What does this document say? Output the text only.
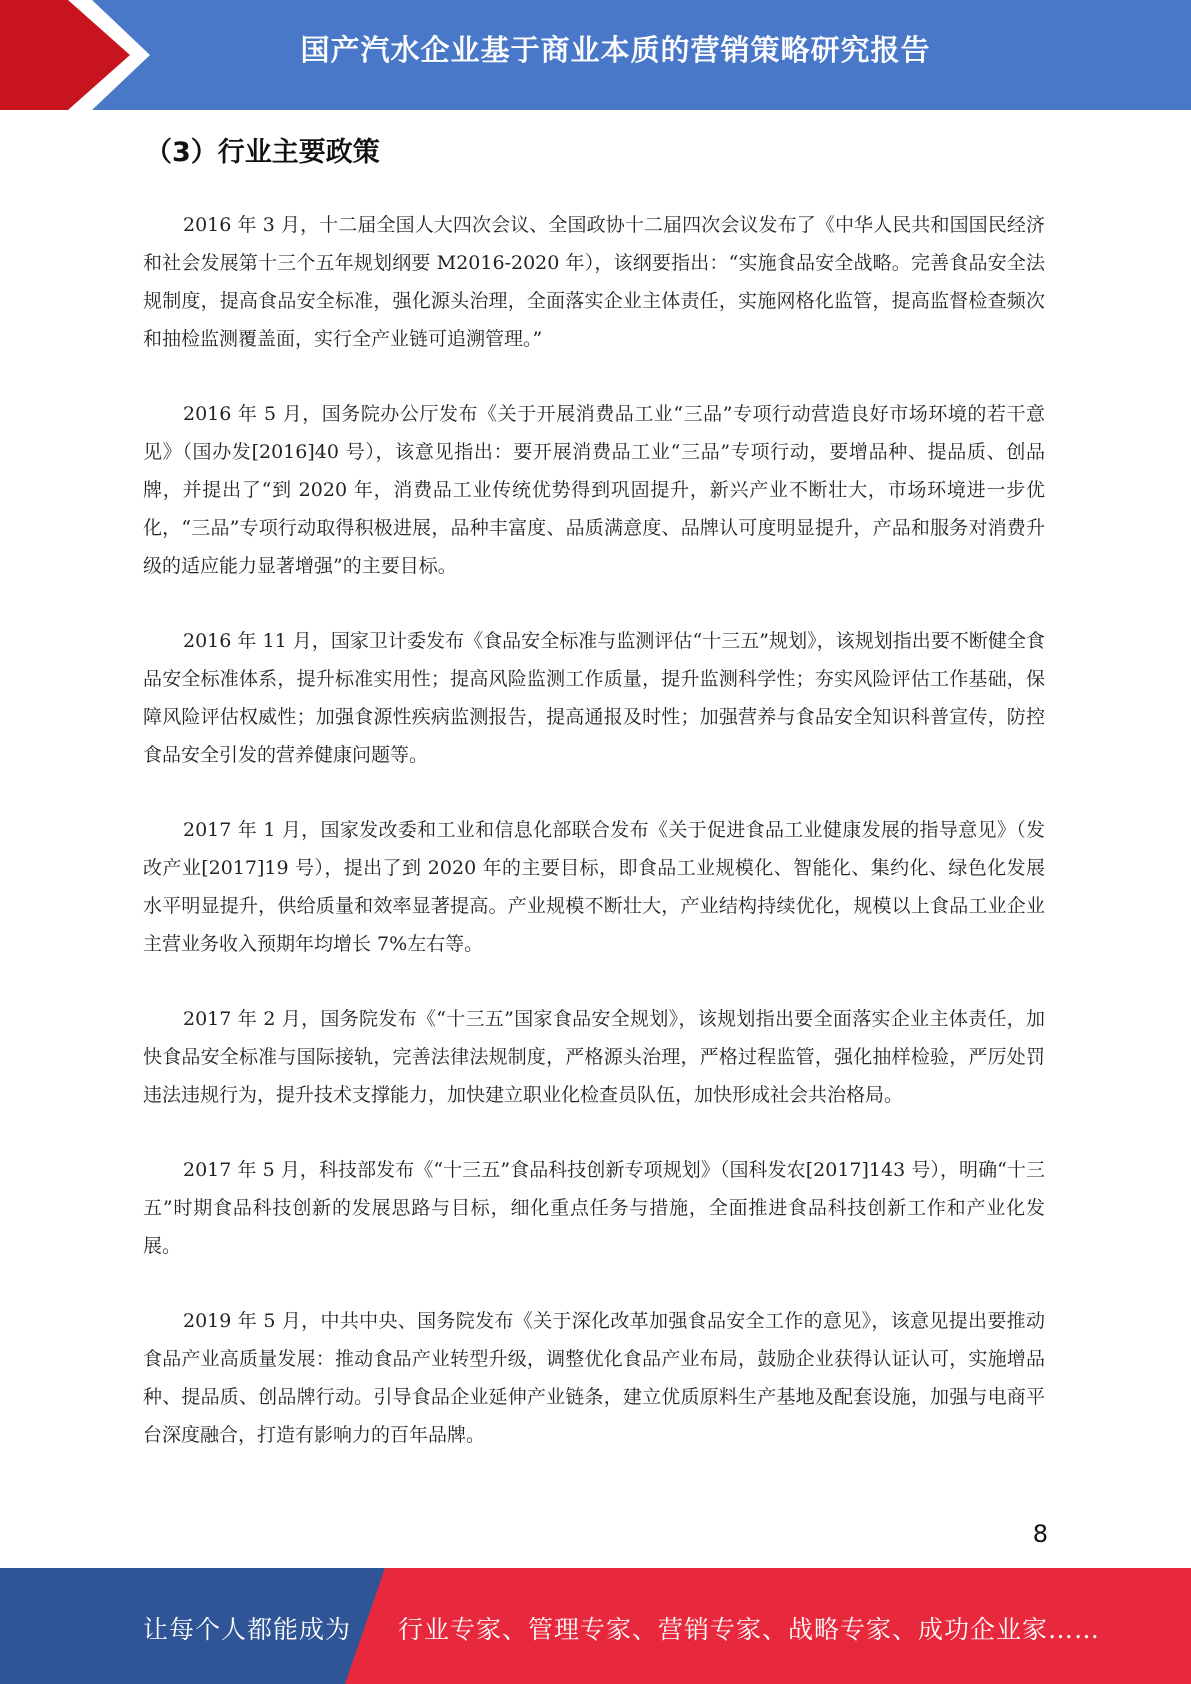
国产汽水企业基于商业本质的营销策略研究报告
（3）行业主要政策

2016 年 3 月，十二届全国人大四次会议、全国政协十二届四次会议发布了《中华人民共和国国民经济和社会发展第十三个五年规划纲要 M2016-2020 年），该纲要指出：“实施食品安全战略。完善食品安全法规制度，提高食品安全标准，强化源头治理，全面落实企业主体责任，实施网格化监管，提高监督检查频次和抽检监测覆盖面，实行全产业链可追溯管理。”

2016 年 5 月，国务院办公厅发布《关于开展消费品工业“三品”专项行动营造良好市场环境的若干意见》（国办发[2016]40 号），该意见指出：要开展消费品工业“三品”专项行动，要增品种、提品质、创品牌，并提出了“到 2020 年，消费品工业传统优势得到巩固提升，新兴产业不断壮大，市场环境进一步优化，“三品”专项行动取得积极进展，品种丰富度、品质满意度、品牌认可度明显提升，产品和服务对消费升级的适应能力显著增强”的主要目标。

2016 年 11 月，国家卫计委发布《食品安全标准与监测评估“十三五”规划》，该规划指出要不断健全食品安全标准体系，提升标准实用性；提高风险监测工作质量，提升监测科学性；夯实风险评估工作基础，保障风险评估权威性；加强食源性疾病监测报告，提高通报及时性；加强营养与食品安全知识科普宣传，防控食品安全引发的营养健康问题等。

2017 年 1 月，国家发改委和工业和信息化部联合发布《关于促进食品工业健康发展的指导意见》（发改产业[2017]19 号），提出了到 2020 年的主要目标，即食品工业规模化、智能化、集约化、绿色化发展水平明显提升，供给质量和效率显著提高。产业规模不断壮大，产业结构持续优化，规模以上食品工业企业主营业务收入预期年均增长 7%左右等。

2017 年 2 月，国务院发布《“十三五”国家食品安全规划》，该规划指出要全面落实企业主体责任，加快食品安全标准与国际接轨，完善法律法规制度，严格源头治理，严格过程监管，强化抽样检验，严厉处罚违法违规行为，提升技术支撑能力，加快建立职业化检查员队伍，加快形成社会共治格局。

2017 年 5 月，科技部发布《“十三五”食品科技创新专项规划》（国科发农[2017]143 号），明确“十三五”时期食品科技创新的发展思路与目标，细化重点任务与措施，全面推进食品科技创新工作和产业化发展。

2019 年 5 月，中共中央、国务院发布《关于深化改革加强食品安全工作的意见》，该意见提出要推动食品产业高质量发展：推动食品产业转型升级，调整优化食品产业布局，鼓励企业获得认证认可，实施增品种、提品质、创品牌行动。引导食品企业延伸产业链条，建立优质原料生产基地及配套设施，加强与电商平台深度融合，打造有影响力的百年品牌。

8
让每个人都能成为 行业专家、管理专家、营销专家、战略专家、成功企业家……
